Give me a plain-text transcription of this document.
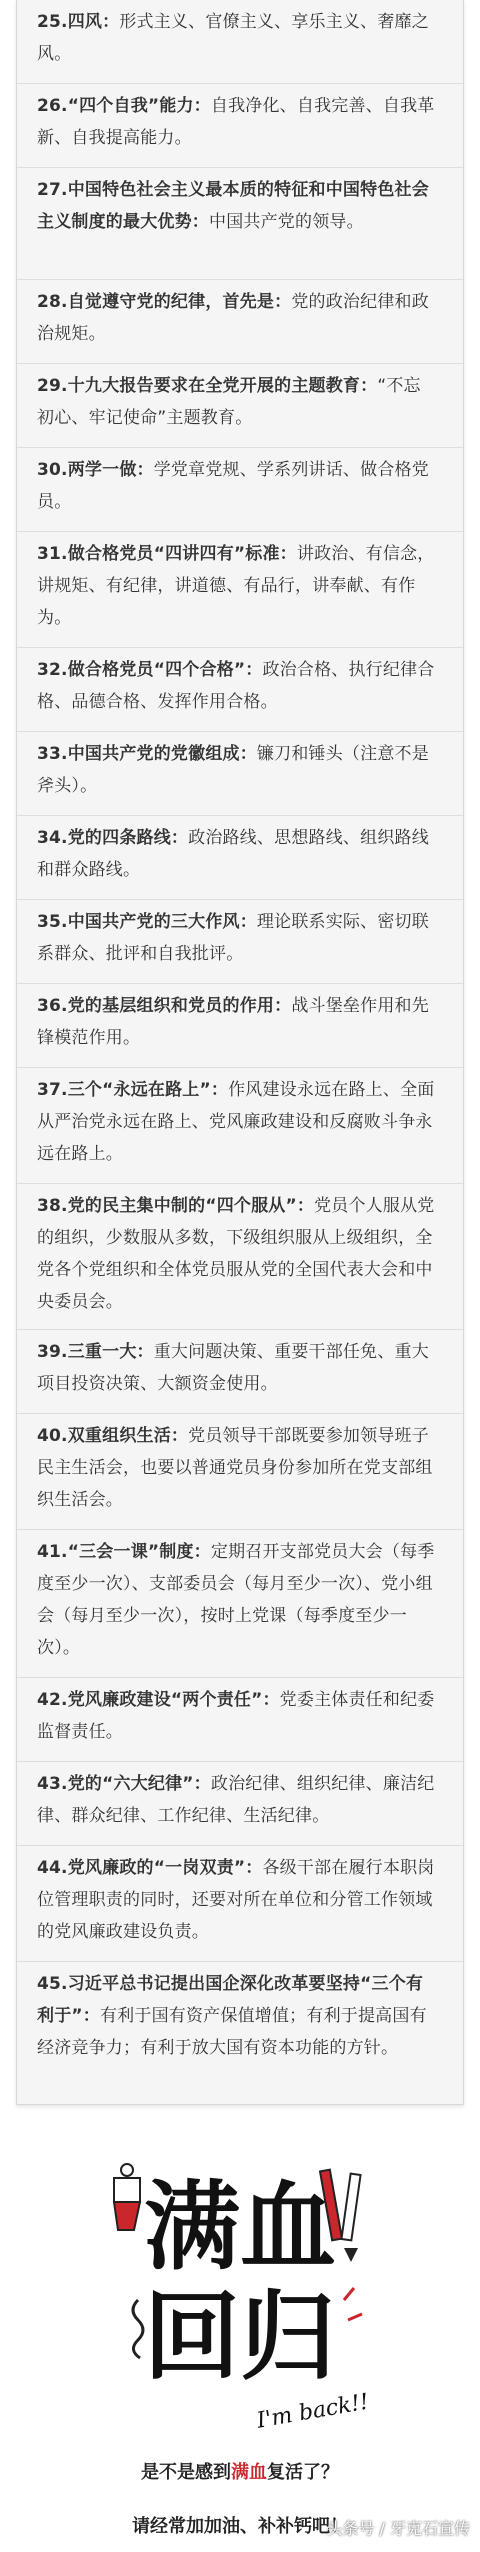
25.四风：形式主义、官僚主义、享乐主义、奢靡之风。
26.“四个自我”能力：自我净化、自我完善、自我革新、自我提高能力。
27.中国特色社会主义最本质的特征和中国特色社会主义制度的最大优势：中国共产党的领导。
28.自觉遵守党的纪律，首先是：党的政治纪律和政治规矩。
29.十九大报告要求在全党开展的主题教育：“不忘初心、牢记使命”主题教育。
30.两学一做：学党章党规、学系列讲话、做合格党员。
31.做合格党员“四讲四有”标准：讲政治、有信念，讲规矩、有纪律，讲道德、有品行，讲奉献、有作为。
32.做合格党员“四个合格”：政治合格、执行纪律合格、品德合格、发挥作用合格。
33.中国共产党的党徽组成：镰刀和锤头（注意不是斧头）。
34.党的四条路线：政治路线、思想路线、组织路线和群众路线。
35.中国共产党的三大作风：理论联系实际、密切联系群众、批评和自我批评。
36.党的基层组织和党员的作用：战斗堡垒作用和先锋模范作用。
37.三个“永远在路上”：作风建设永远在路上、全面从严治党永远在路上、党风廉政建设和反腐败斗争永远在路上。
38.党的民主集中制的“四个服从”：党员个人服从党的组织，少数服从多数，下级组织服从上级组织，全党各个党组织和全体党员服从党的全国代表大会和中央委员会。
39.三重一大：重大问题决策、重要干部任免、重大项目投资决策、大额资金使用。
40.双重组织生活：党员领导干部既要参加领导班子民主生活会，也要以普通党员身份参加所在党支部组织生活会。
41.“三会一课”制度：定期召开支部党员大会（每季度至少一次）、支部委员会（每月至少一次）、党小组会（每月至少一次），按时上党课（每季度至少一次）。
42.党风廉政建设“两个责任”：党委主体责任和纪委监督责任。
43.党的“六大纪律”：政治纪律、组织纪律、廉洁纪律、群众纪律、工作纪律、生活纪律。
44.党风廉政的“一岗双责”：各级干部在履行本职岗位管理职责的同时，还要对所在单位和分管工作领域的党风廉政建设负责。
45.习近平总书记提出国企深化改革要坚持“三个有利于”：有利于国有资产保值增值；有利于提高国有经济竞争力；有利于放大国有资本功能的方针。
满血
回归
I'm back!!
是不是感到满血复活了？
请经常加加油、补补钙吧！
头条号 / 牙克石宣传
